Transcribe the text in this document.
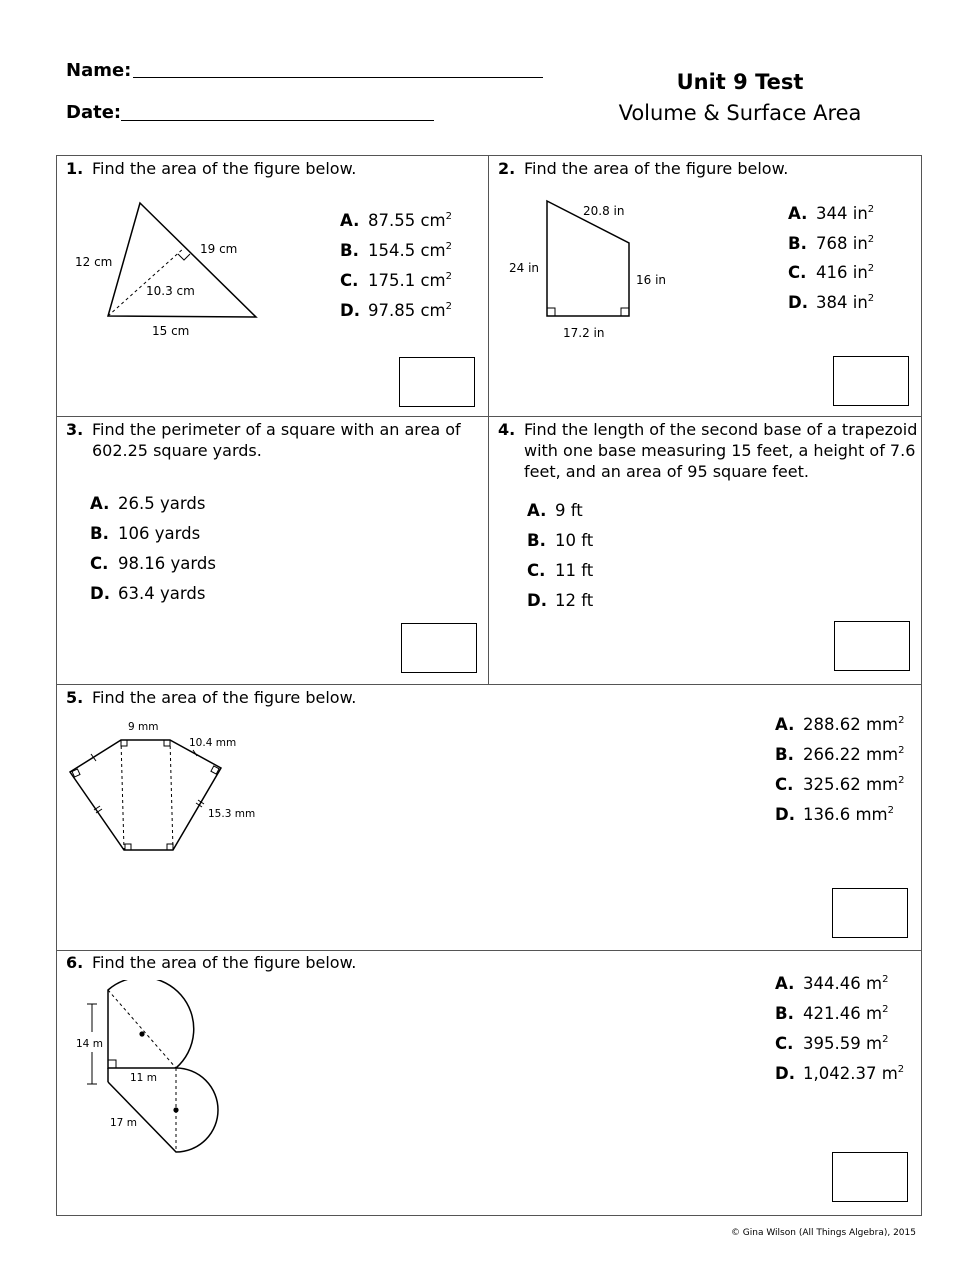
Name:
Date:
Unit 9 Test
Volume & Surface Area
1. Find the area of the figure below.
12 cm
19 cm
10.3 cm
15 cm
A. 87.55 $cm^2$
B. 154.5 $cm^2$
C. 175.1 $cm^2$
D. 97.85 $cm^2$
2. Find the area of the figure below.
20.8 in
24 in
16 in
17.2 in
A. 344 $in^2$
B. 768 $in^2$
C. 416 $in^2$
D. 384 $in^2$
3. Find the perimeter of a square with an area of
602.25 square yards.
A. 26.5 yards
B. 106 yards
C. 98.16 yards
D. 63.4 yards
4. Find the length of the second base of a trapezoid
with one base measuring 15 feet, a height of 7.6
feet, and an area of 95 square feet.
A. 9 ft
B. 10 ft
C. 11 ft
D. 12 ft
5. Find the area of the figure below.
9 mm
10.4 mm
15.3 mm
A. 288.62 $mm^2$
B. 266.22 $mm^2$
C. 325.62 $mm^2$
D. 136.6 $mm^2$
6. Find the area of the figure below.
14 m
11 m
17 m
A. 344.46 $m^2$
B. 421.46 $m^2$
C. 395.59 $m^2$
D. 1,042.37 $m^2$
© Gina Wilson (All Things Algebra), 2015
